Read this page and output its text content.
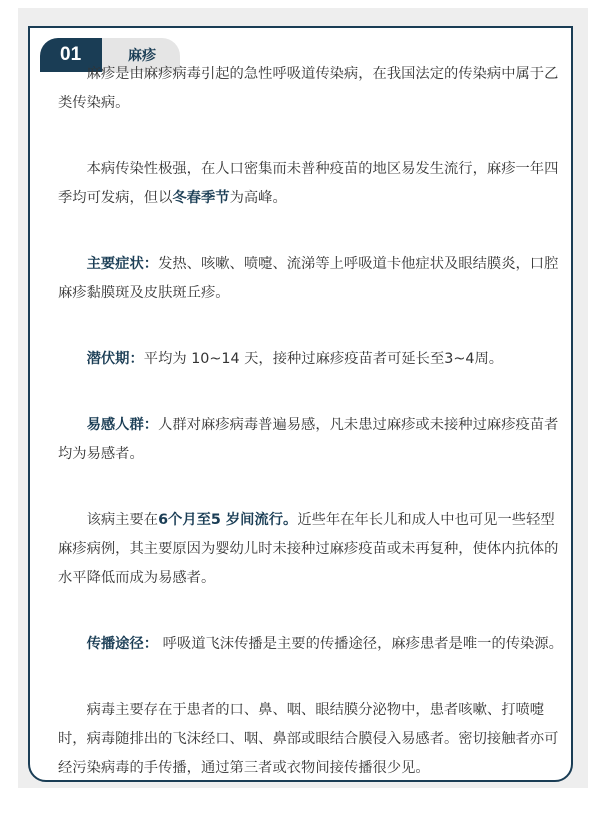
01	麻疹

麻疹是由麻疹病毒引起的急性呼吸道传染病，在我国法定的传染病中属于乙类传染病。

本病传染性极强，在人口密集而未普种疫苗的地区易发生流行，麻疹一年四季均可发病，但以冬春季节为高峰。

主要症状：发热、咳嗽、喷嚏、流涕等上呼吸道卡他症状及眼结膜炎，口腔麻疹黏膜斑及皮肤斑丘疹。

潜伏期：平均为 10~14 天，接种过麻疹疫苗者可延长至3~4周。

易感人群：人群对麻疹病毒普遍易感，凡未患过麻疹或未接种过麻疹疫苗者均为易感者。

该病主要在6个月至5 岁间流行。近些年在年长儿和成人中也可见一些轻型麻疹病例，其主要原因为婴幼儿时未接种过麻疹疫苗或未再复种，使体内抗体的水平降低而成为易感者。

传播途径： 呼吸道飞沫传播是主要的传播途径，麻疹患者是唯一的传染源。

病毒主要存在于患者的口、鼻、咽、眼结膜分泌物中，患者咳嗽、打喷嚏时，病毒随排出的飞沫经口、咽、鼻部或眼结合膜侵入易感者。密切接触者亦可经污染病毒的手传播，通过第三者或衣物间接传播很少见。
